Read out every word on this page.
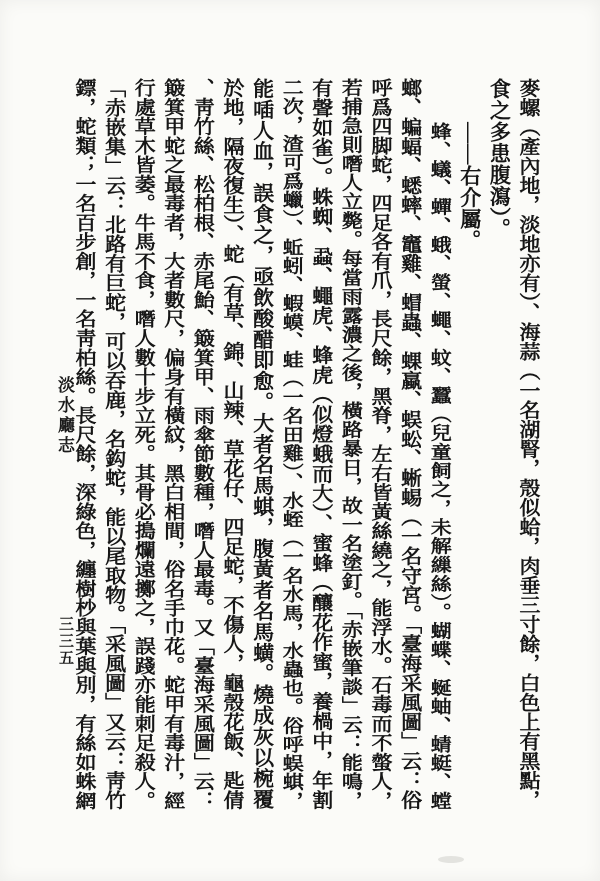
淡水廳志
三三五	麥螺（產內地，淡地亦有）、海蒜（一名湖腎，殼似蛤，肉垂三寸餘，白色上有黑點，
食之多患腹瀉）。
——右介屬。
蜂、蟻、蟬、蛾、螢、蠅、蚊、蠶（兒童飼之，未解繅絲）。蝴蝶、蜒蚰、蜻蜓、螳
螂、蝙蝠、蟋蟀、竈雞、蝐蟲、蜾蠃、蜈蚣、蜥蜴（一名守宮。「臺海采風圖」云：俗
呼爲四脚蛇，四足各有爪，長尺餘，黑脊，左右皆黃絲繞之，能浮水。石毒而不螫人，
若捕急則噆人立斃。每當雨露濃之後，橫路暴日，故一名塗釘。「赤嵌筆談」云：能鳴，
有聲如雀）。蛛蜘、蝨、蠅虎、蜂虎（似燈蛾而大）、蜜蜂（釀花作蜜，養楇中，年割
二次，渣可爲蠟）、蚯蚓、蝦蟆、蛙（一名田雞）、水蛭（一名水馬，水蟲也。俗呼蜈蜞，
能喢人血，誤食之，亟飲酸醋即愈。大者名馬蜞，腹黃者名馬蟥。燒成灰以椀覆
於地，隔夜復生）、蛇（有草、錦、山辣、草花仔、四足蛇，不傷人，龜殼花飯、匙倩
、靑竹絲、松柏根、赤尾鮐、簸箕甲、雨傘節數種，噆人最毒。又「臺海采風圖」云：
簸箕甲蛇之最毒者，大者數尺，偏身有橫紋，黑白相間，俗名手巾花。蛇甲有毒汁，經
行處草木皆萎。牛馬不食，噆人數十步立死。其骨必搗爛遠擲之，誤踐亦能刺足殺人。
「赤嵌集」云：北路有巨蛇，可以吞鹿，名鈎蛇，能以尾取物。「采風圖」又云：靑竹
鏢，蛇類；一名百步創，一名靑柏絲。長尺餘，深綠色，纏樹杪與葉與別，有絲如蛛網
